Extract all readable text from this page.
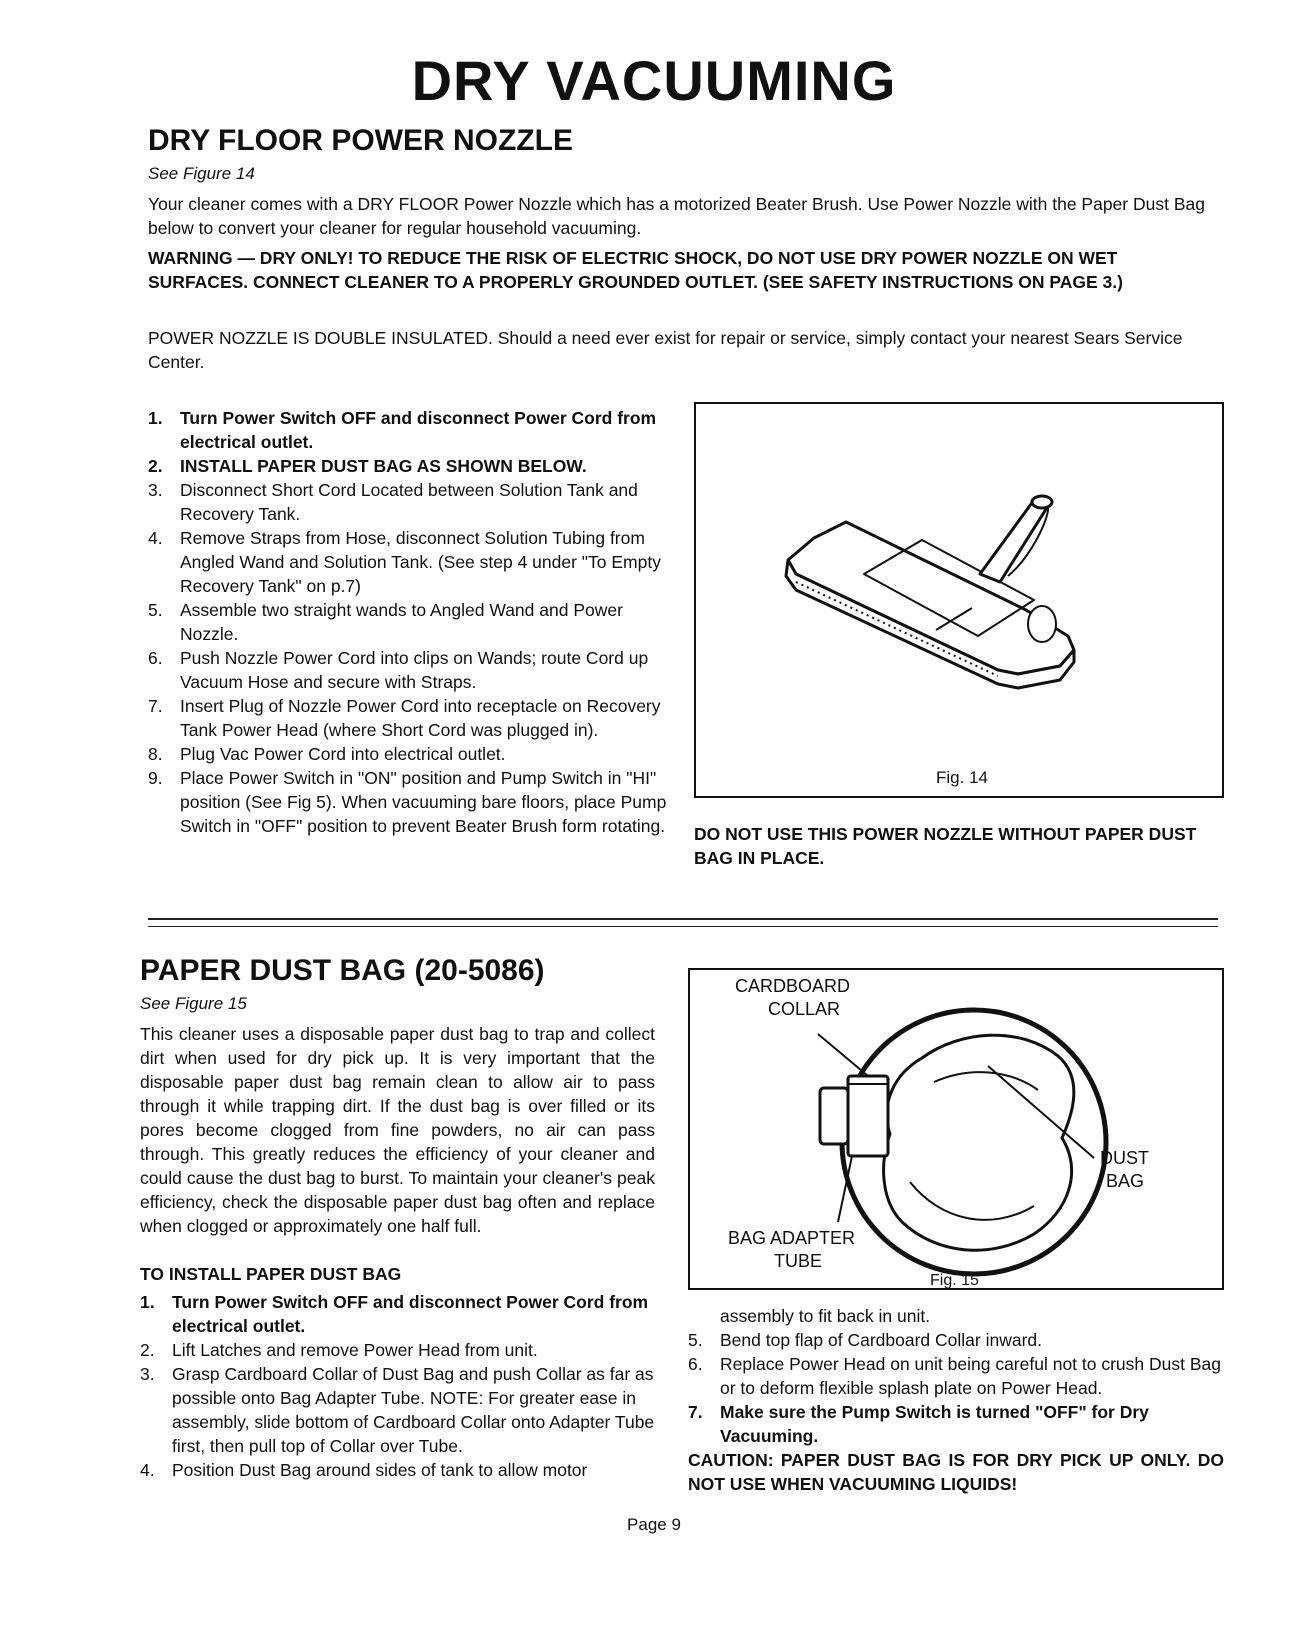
DRY VACUUMING
DRY FLOOR POWER NOZZLE
See Figure 14

Your cleaner comes with a DRY FLOOR Power Nozzle which has a motorized Beater Brush. Use Power Nozzle with the Paper Dust Bag below to convert your cleaner for regular household vacuuming.

WARNING — DRY ONLY! TO REDUCE THE RISK OF ELECTRIC SHOCK, DO NOT USE DRY POWER NOZZLE ON WET SURFACES. CONNECT CLEANER TO A PROPERLY GROUNDED OUTLET. (SEE SAFETY INSTRUCTIONS ON PAGE 3.)

POWER NOZZLE IS DOUBLE INSULATED. Should a need ever exist for repair or service, simply contact your nearest Sears Service Center.

1. Turn Power Switch OFF and disconnect Power Cord from electrical outlet.
2. INSTALL PAPER DUST BAG AS SHOWN BELOW.
3. Disconnect Short Cord Located between Solution Tank and Recovery Tank.
4. Remove Straps from Hose, disconnect Solution Tubing from Angled Wand and Solution Tank. (See step 4 under "To Empty Recovery Tank" on p.7)
5. Assemble two straight wands to Angled Wand and Power Nozzle.
6. Push Nozzle Power Cord into clips on Wands; route Cord up Vacuum Hose and secure with Straps.
7. Insert Plug of Nozzle Power Cord into receptacle on Recovery Tank Power Head (where Short Cord was plugged in).
8. Plug Vac Power Cord into electrical outlet.
9. Place Power Switch in "ON" position and Pump Switch in "HI" position (See Fig 5). When vacuuming bare floors, place Pump Switch in "OFF" position to prevent Beater Brush form rotating.
Fig. 14

DO NOT USE THIS POWER NOZZLE WITHOUT PAPER DUST BAG IN PLACE.

PAPER DUST BAG (20-5086)
See Figure 15

This cleaner uses a disposable paper dust bag to trap and collect dirt when used for dry pick up. It is very important that the disposable paper dust bag remain clean to allow air to pass through it while trapping dirt. If the dust bag is over filled or its pores become clogged from fine powders, no air can pass through. This greatly reduces the efficiency of your cleaner and could cause the dust bag to burst. To maintain your cleaner's peak efficiency, check the disposable paper dust bag often and replace when clogged or approximately one half full.

TO INSTALL PAPER DUST BAG
1. Turn Power Switch OFF and disconnect Power Cord from electrical outlet.
2. Lift Latches and remove Power Head from unit.
3. Grasp Cardboard Collar of Dust Bag and push Collar as far as possible onto Bag Adapter Tube. NOTE: For greater ease in assembly, slide bottom of Cardboard Collar onto Adapter Tube first, then pull top of Collar over Tube.
4. Position Dust Bag around sides of tank to allow motor
CARDBOARD
COLLAR
DUST
BAG
BAG ADAPTER
TUBE
Fig. 15
assembly to fit back in unit.
5. Bend top flap of Cardboard Collar inward.
6. Replace Power Head on unit being careful not to crush Dust Bag or to deform flexible splash plate on Power Head.
7. Make sure the Pump Switch is turned "OFF" for Dry Vacuuming.

CAUTION: PAPER DUST BAG IS FOR DRY PICK UP ONLY. DO NOT USE WHEN VACUUMING LIQUIDS!

Page 9
